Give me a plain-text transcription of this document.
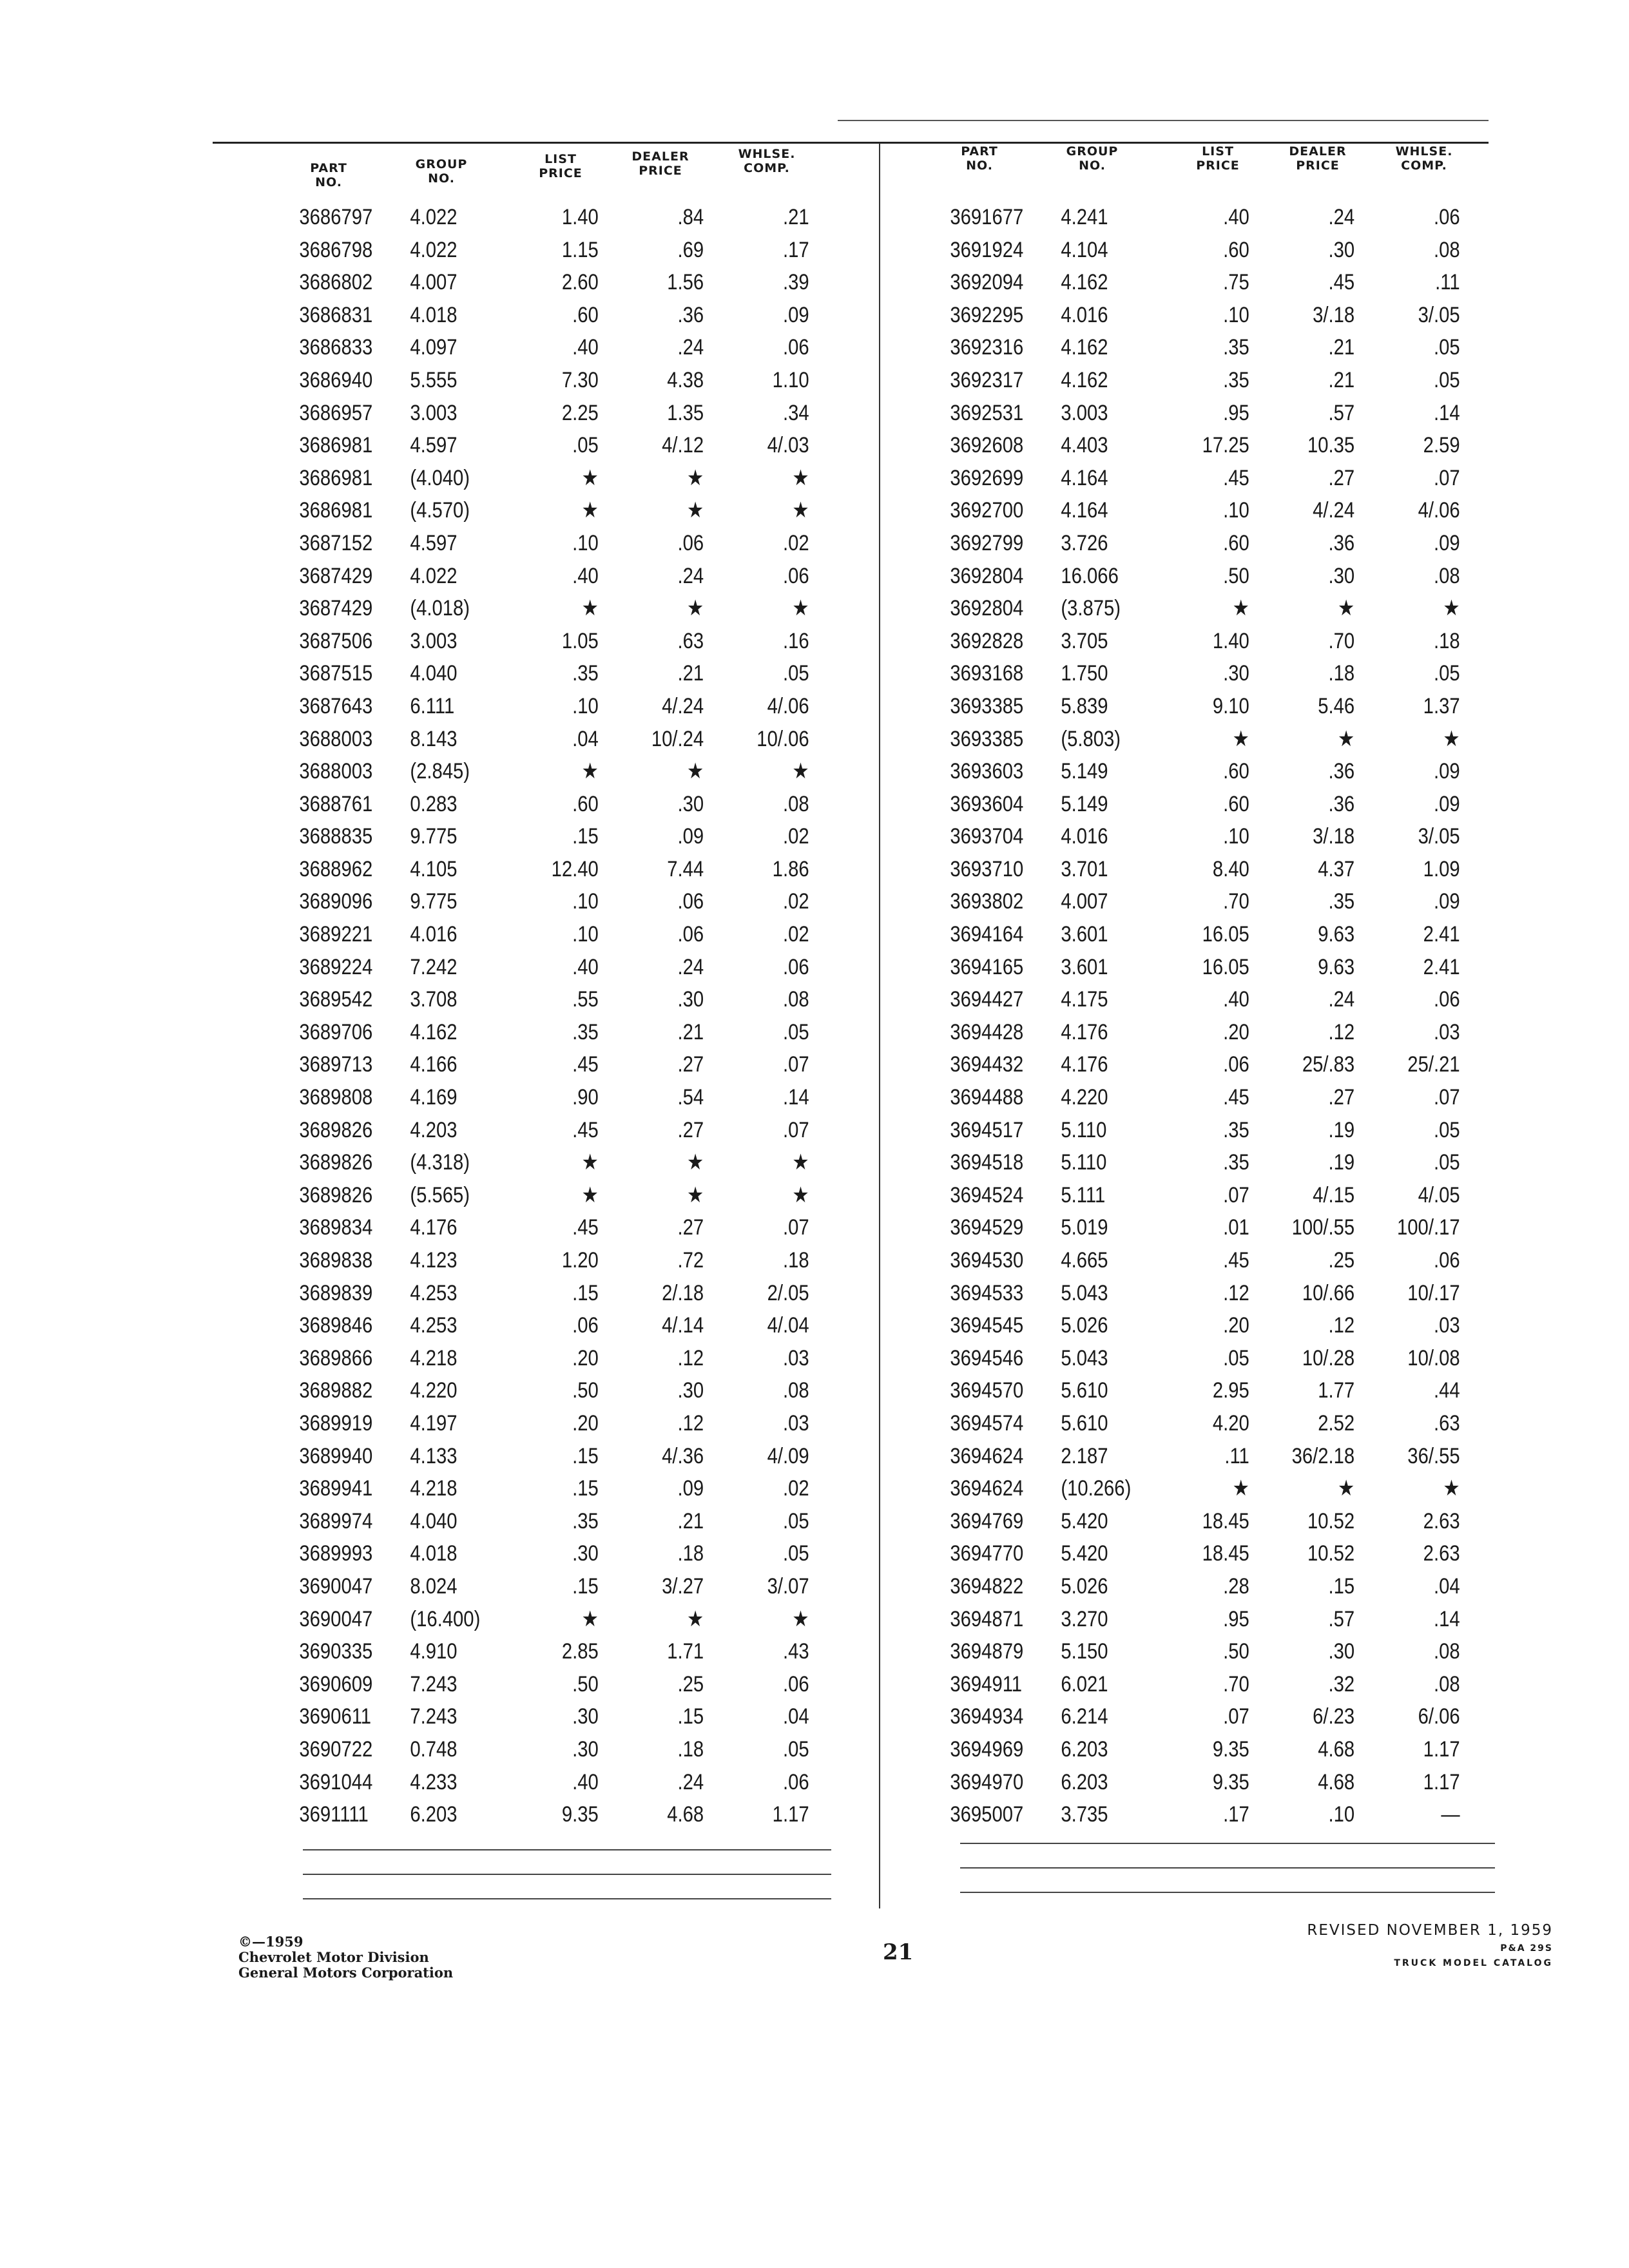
PART
NO.
GROUP
NO.
LIST
PRICE
DEALER
PRICE
WHLSE.
COMP.
3686797 4.022	1.40	.84	.21
3686798 4.022	1.15	.69	.17
3686802 4.007	2.60	1.56	.39
3686831 4.018	.60	.36	.09
3686833 4.097	.40	.24	.06
3686940 5.555	7.30	4.38	1.10
3686957 3.003	2.25	1.35	.34
3686981 4.597	.05	4/.12	4/.03
3686981 (4.040)	★	★	★
3686981 (4.570)	★	★	★
3687152 4.597	.10	.06	.02
3687429 4.022	.40	.24	.06
3687429 (4.018)	★	★	★
3687506 3.003	1.05	.63	.16
3687515 4.040	.35	.21	.05
3687643 6.111	.10	4/.24	4/.06
3688003 8.143	.04	10/.24	10/.06
3688003 (2.845)	★	★	★
3688761 0.283	.60	.30	.08
3688835 9.775	.15	.09	.02
3688962 4.105	12.40	7.44	1.86
3689096 9.775	.10	.06	.02
3689221 4.016	.10	.06	.02
3689224 7.242	.40	.24	.06
3689542 3.708	.55	.30	.08
3689706 4.162	.35	.21	.05
3689713 4.166	.45	.27	.07
3689808 4.169	.90	.54	.14
3689826 4.203	.45	.27	.07
3689826 (4.318)	★	★	★
3689826 (5.565)	★	★	★
3689834 4.176	.45	.27	.07
3689838 4.123	1.20	.72	.18
3689839 4.253	.15	2/.18	2/.05
3689846 4.253	.06	4/.14	4/.04
3689866 4.218	.20	.12	.03
3689882 4.220	.50	.30	.08
3689919 4.197	.20	.12	.03
3689940 4.133	.15	4/.36	4/.09
3689941 4.218	.15	.09	.02
3689974 4.040	.35	.21	.05
3689993 4.018	.30	.18	.05
3690047 8.024	.15	3/.27	3/.07
3690047 (16.400)	★	★	★
3690335 4.910	2.85	1.71	.43
3690609 7.243	.50	.25	.06
3690611 7.243	.30	.15	.04
3690722 0.748	.30	.18	.05
3691044 4.233	.40	.24	.06
3691111 6.203	9.35	4.68	1.17
PART
NO.
GROUP
NO.
LIST
PRICE
DEALER
PRICE
WHLSE.
COMP.
3691677 4.241	.40	.24	.06
3691924 4.104	.60	.30	.08
3692094 4.162	.75	.45	.11
3692295 4.016	.10	3/.18	3/.05
3692316 4.162	.35	.21	.05
3692317 4.162	.35	.21	.05
3692531 3.003	.95	.57	.14
3692608 4.403	17.25	10.35	2.59
3692699 4.164	.45	.27	.07
3692700 4.164	.10	4/.24	4/.06
3692799 3.726	.60	.36	.09
3692804 16.066	.50	.30	.08
3692804 (3.875)	★	★	★
3692828 3.705	1.40	.70	.18
3693168 1.750	.30	.18	.05
3693385 5.839	9.10	5.46	1.37
3693385 (5.803)	★	★	★
3693603 5.149	.60	.36	.09
3693604 5.149	.60	.36	.09
3693704 4.016	.10	3/.18	3/.05
3693710 3.701	8.40	4.37	1.09
3693802 4.007	.70	.35	.09
3694164 3.601	16.05	9.63	2.41
3694165 3.601	16.05	9.63	2.41
3694427 4.175	.40	.24	.06
3694428 4.176	.20	.12	.03
3694432 4.176	.06	25/.83	25/.21
3694488 4.220	.45	.27	.07
3694517 5.110	.35	.19	.05
3694518 5.110	.35	.19	.05
3694524 5.111	.07	4/.15	4/.05
3694529 5.019	.01	100/.55	100/.17
3694530 4.665	.45	.25	.06
3694533 5.043	.12	10/.66	10/.17
3694545 5.026	.20	.12	.03
3694546 5.043	.05	10/.28	10/.08
3694570 5.610	2.95	1.77	.44
3694574 5.610	4.20	2.52	.63
3694624 2.187	.11	36/2.18	36/.55
3694624 (10.266)	★	★	★
3694769 5.420	18.45	10.52	2.63
3694770 5.420	18.45	10.52	2.63
3694822 5.026	.28	.15	.04
3694871 3.270	.95	.57	.14
3694879 5.150	.50	.30	.08
3694911 6.021	.70	.32	.08
3694934 6.214	.07	6/.23	6/.06
3694969 6.203	9.35	4.68	1.17
3694970 6.203	9.35	4.68	1.17
3695007 3.735	.17	.10	—
©—1959
Chevrolet Motor Division
General Motors Corporation
21
REVISED NOVEMBER 1, 1959
P&A 29S
TRUCK MODEL CATALOG
